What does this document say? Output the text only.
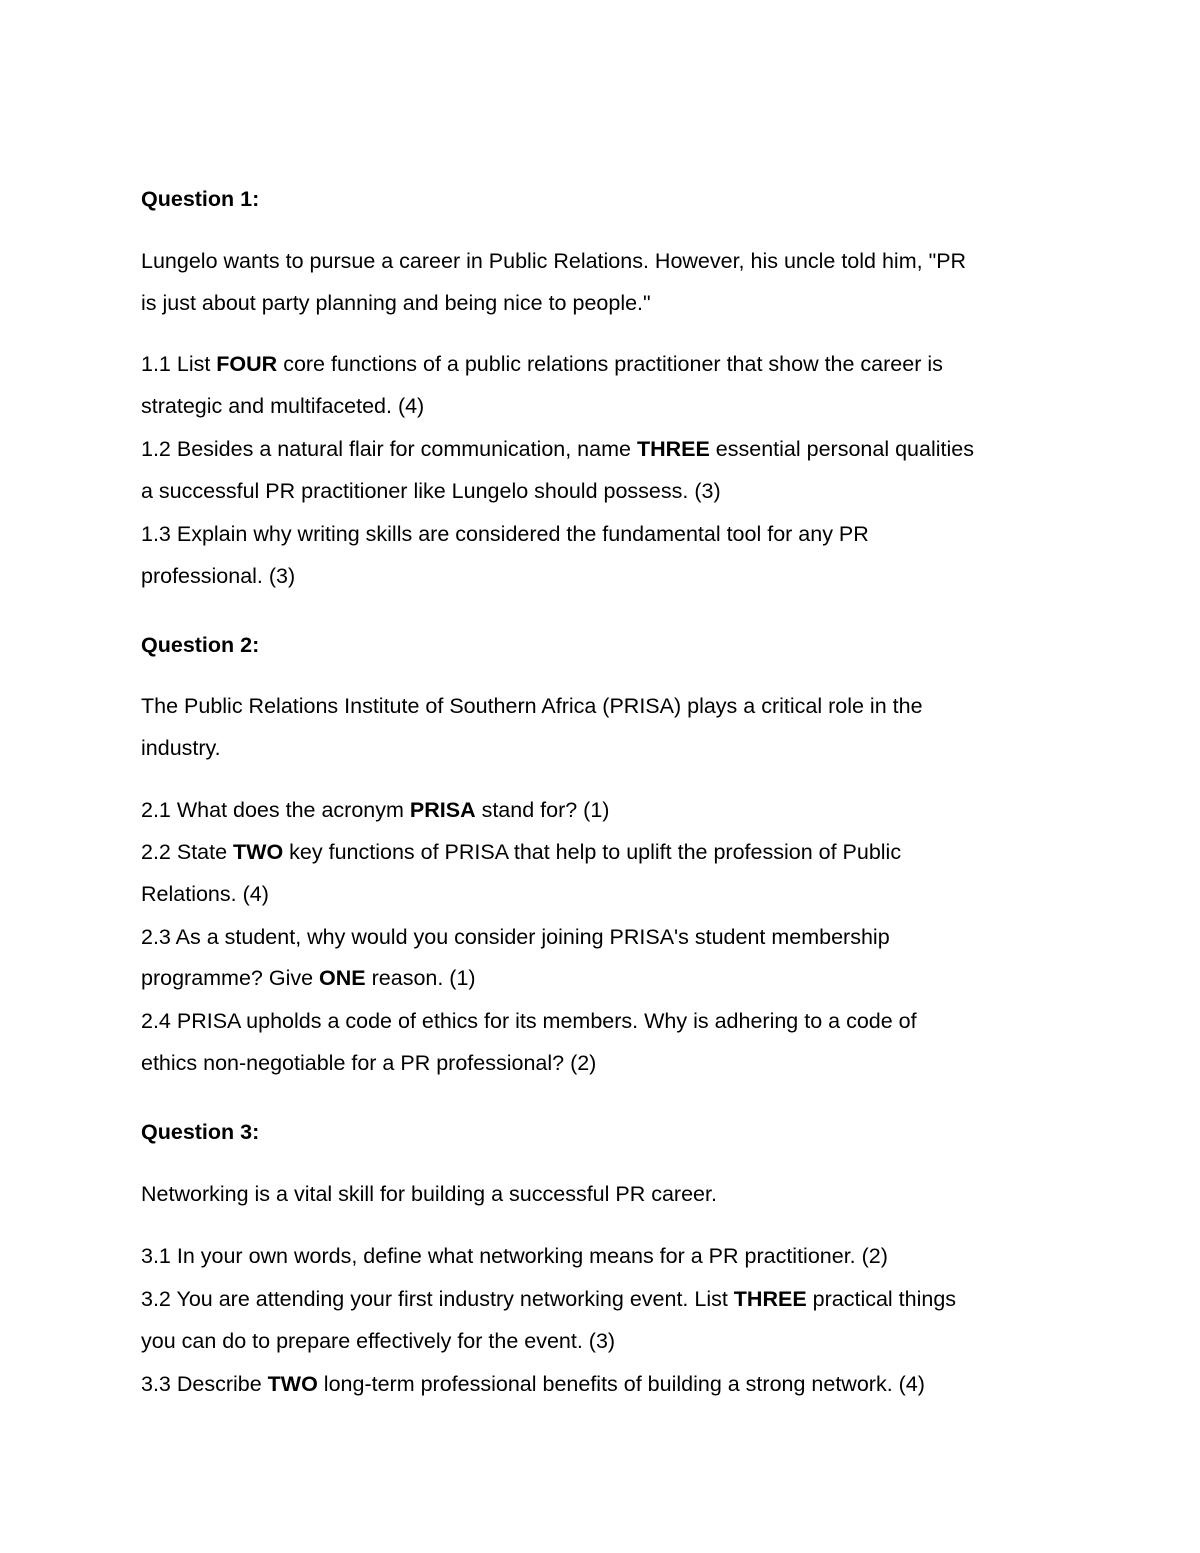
Question 1:

Lungelo wants to pursue a career in Public Relations. However, his uncle told him, "PR

is just about party planning and being nice to people."

1.1 List FOUR core functions of a public relations practitioner that show the career is

strategic and multifaceted. (4)

1.2 Besides a natural flair for communication, name THREE essential personal qualities

a successful PR practitioner like Lungelo should possess. (3)

1.3 Explain why writing skills are considered the fundamental tool for any PR

professional. (3)

Question 2:

The Public Relations Institute of Southern Africa (PRISA) plays a critical role in the

industry.

2.1 What does the acronym PRISA stand for? (1)

2.2 State TWO key functions of PRISA that help to uplift the profession of Public

Relations. (4)

2.3 As a student, why would you consider joining PRISA's student membership

programme? Give ONE reason. (1)

2.4 PRISA upholds a code of ethics for its members. Why is adhering to a code of

ethics non-negotiable for a PR professional? (2)

Question 3:

Networking is a vital skill for building a successful PR career.

3.1 In your own words, define what networking means for a PR practitioner. (2)

3.2 You are attending your first industry networking event. List THREE practical things

you can do to prepare effectively for the event. (3)

3.3 Describe TWO long-term professional benefits of building a strong network. (4)
